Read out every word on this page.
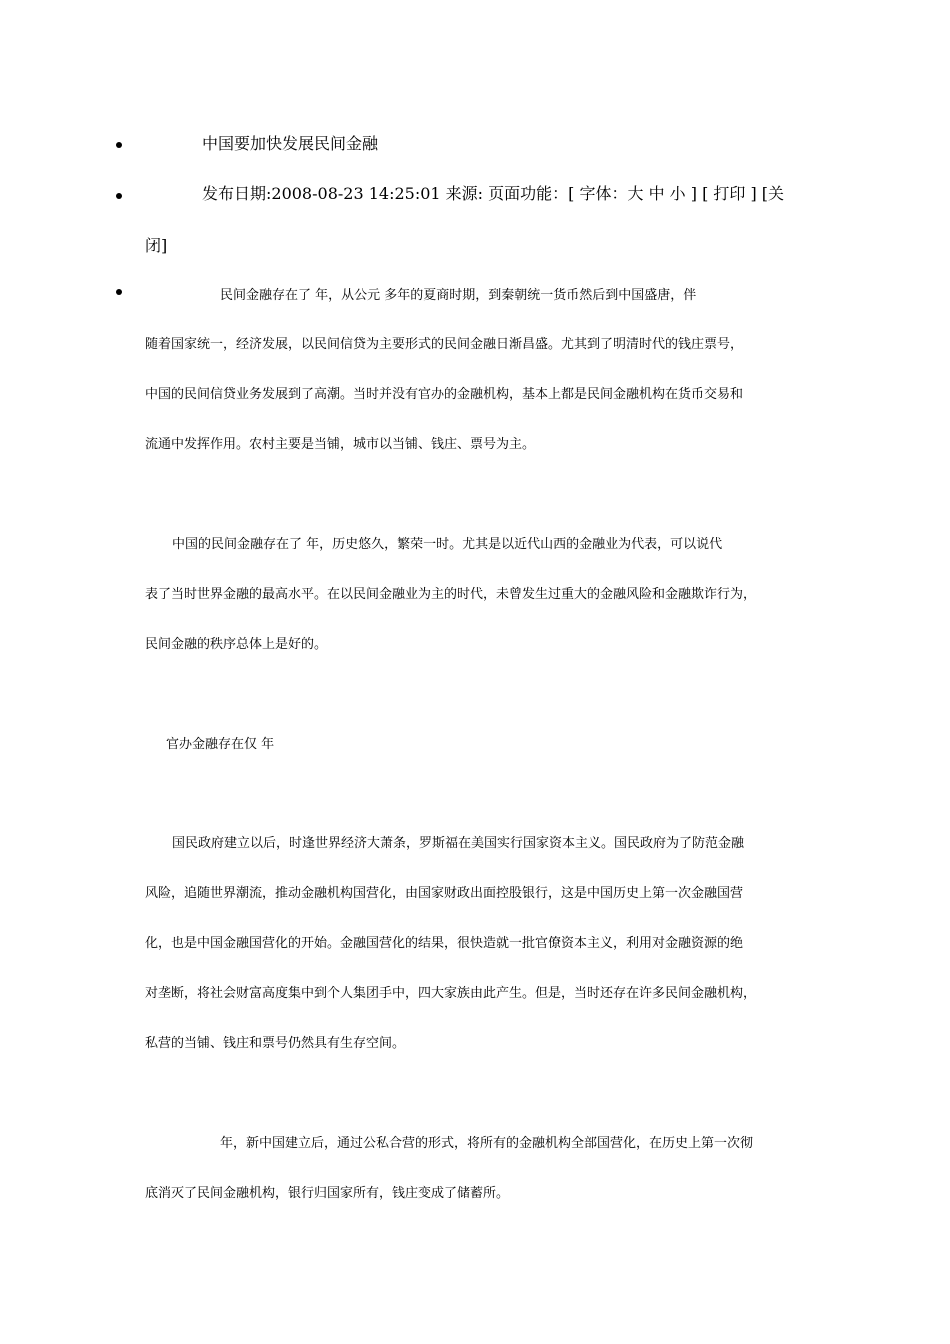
中国要加快发展民间金融
发布日期:2008-08-23 14:25:01 来源: 页面功能：[ 字体：大 中 小 ] [ 打印 ] [关
闭]
民间金融存在了 年，从公元 多年的夏商时期，到秦朝统一货币然后到中国盛唐，伴
随着国家统一，经济发展，以民间信贷为主要形式的民间金融日渐昌盛。尤其到了明清时代的钱庄票号，
中国的民间信贷业务发展到了高潮。当时并没有官办的金融机构，基本上都是民间金融机构在货币交易和
流通中发挥作用。农村主要是当铺，城市以当铺、钱庄、票号为主。
中国的民间金融存在了 年，历史悠久，繁荣一时。尤其是以近代山西的金融业为代表，可以说代
表了当时世界金融的最高水平。在以民间金融业为主的时代，未曾发生过重大的金融风险和金融欺诈行为，
民间金融的秩序总体上是好的。
官办金融存在仅 年
国民政府建立以后，时逢世界经济大萧条，罗斯福在美国实行国家资本主义。国民政府为了防范金融
风险，追随世界潮流，推动金融机构国营化，由国家财政出面控股银行，这是中国历史上第一次金融国营
化，也是中国金融国营化的开始。金融国营化的结果，很快造就一批官僚资本主义，利用对金融资源的绝
对垄断，将社会财富高度集中到个人集团手中，四大家族由此产生。但是，当时还存在许多民间金融机构，
私营的当铺、钱庄和票号仍然具有生存空间。
年，新中国建立后，通过公私合营的形式，将所有的金融机构全部国营化，在历史上第一次彻
底消灭了民间金融机构，银行归国家所有，钱庄变成了储蓄所。
